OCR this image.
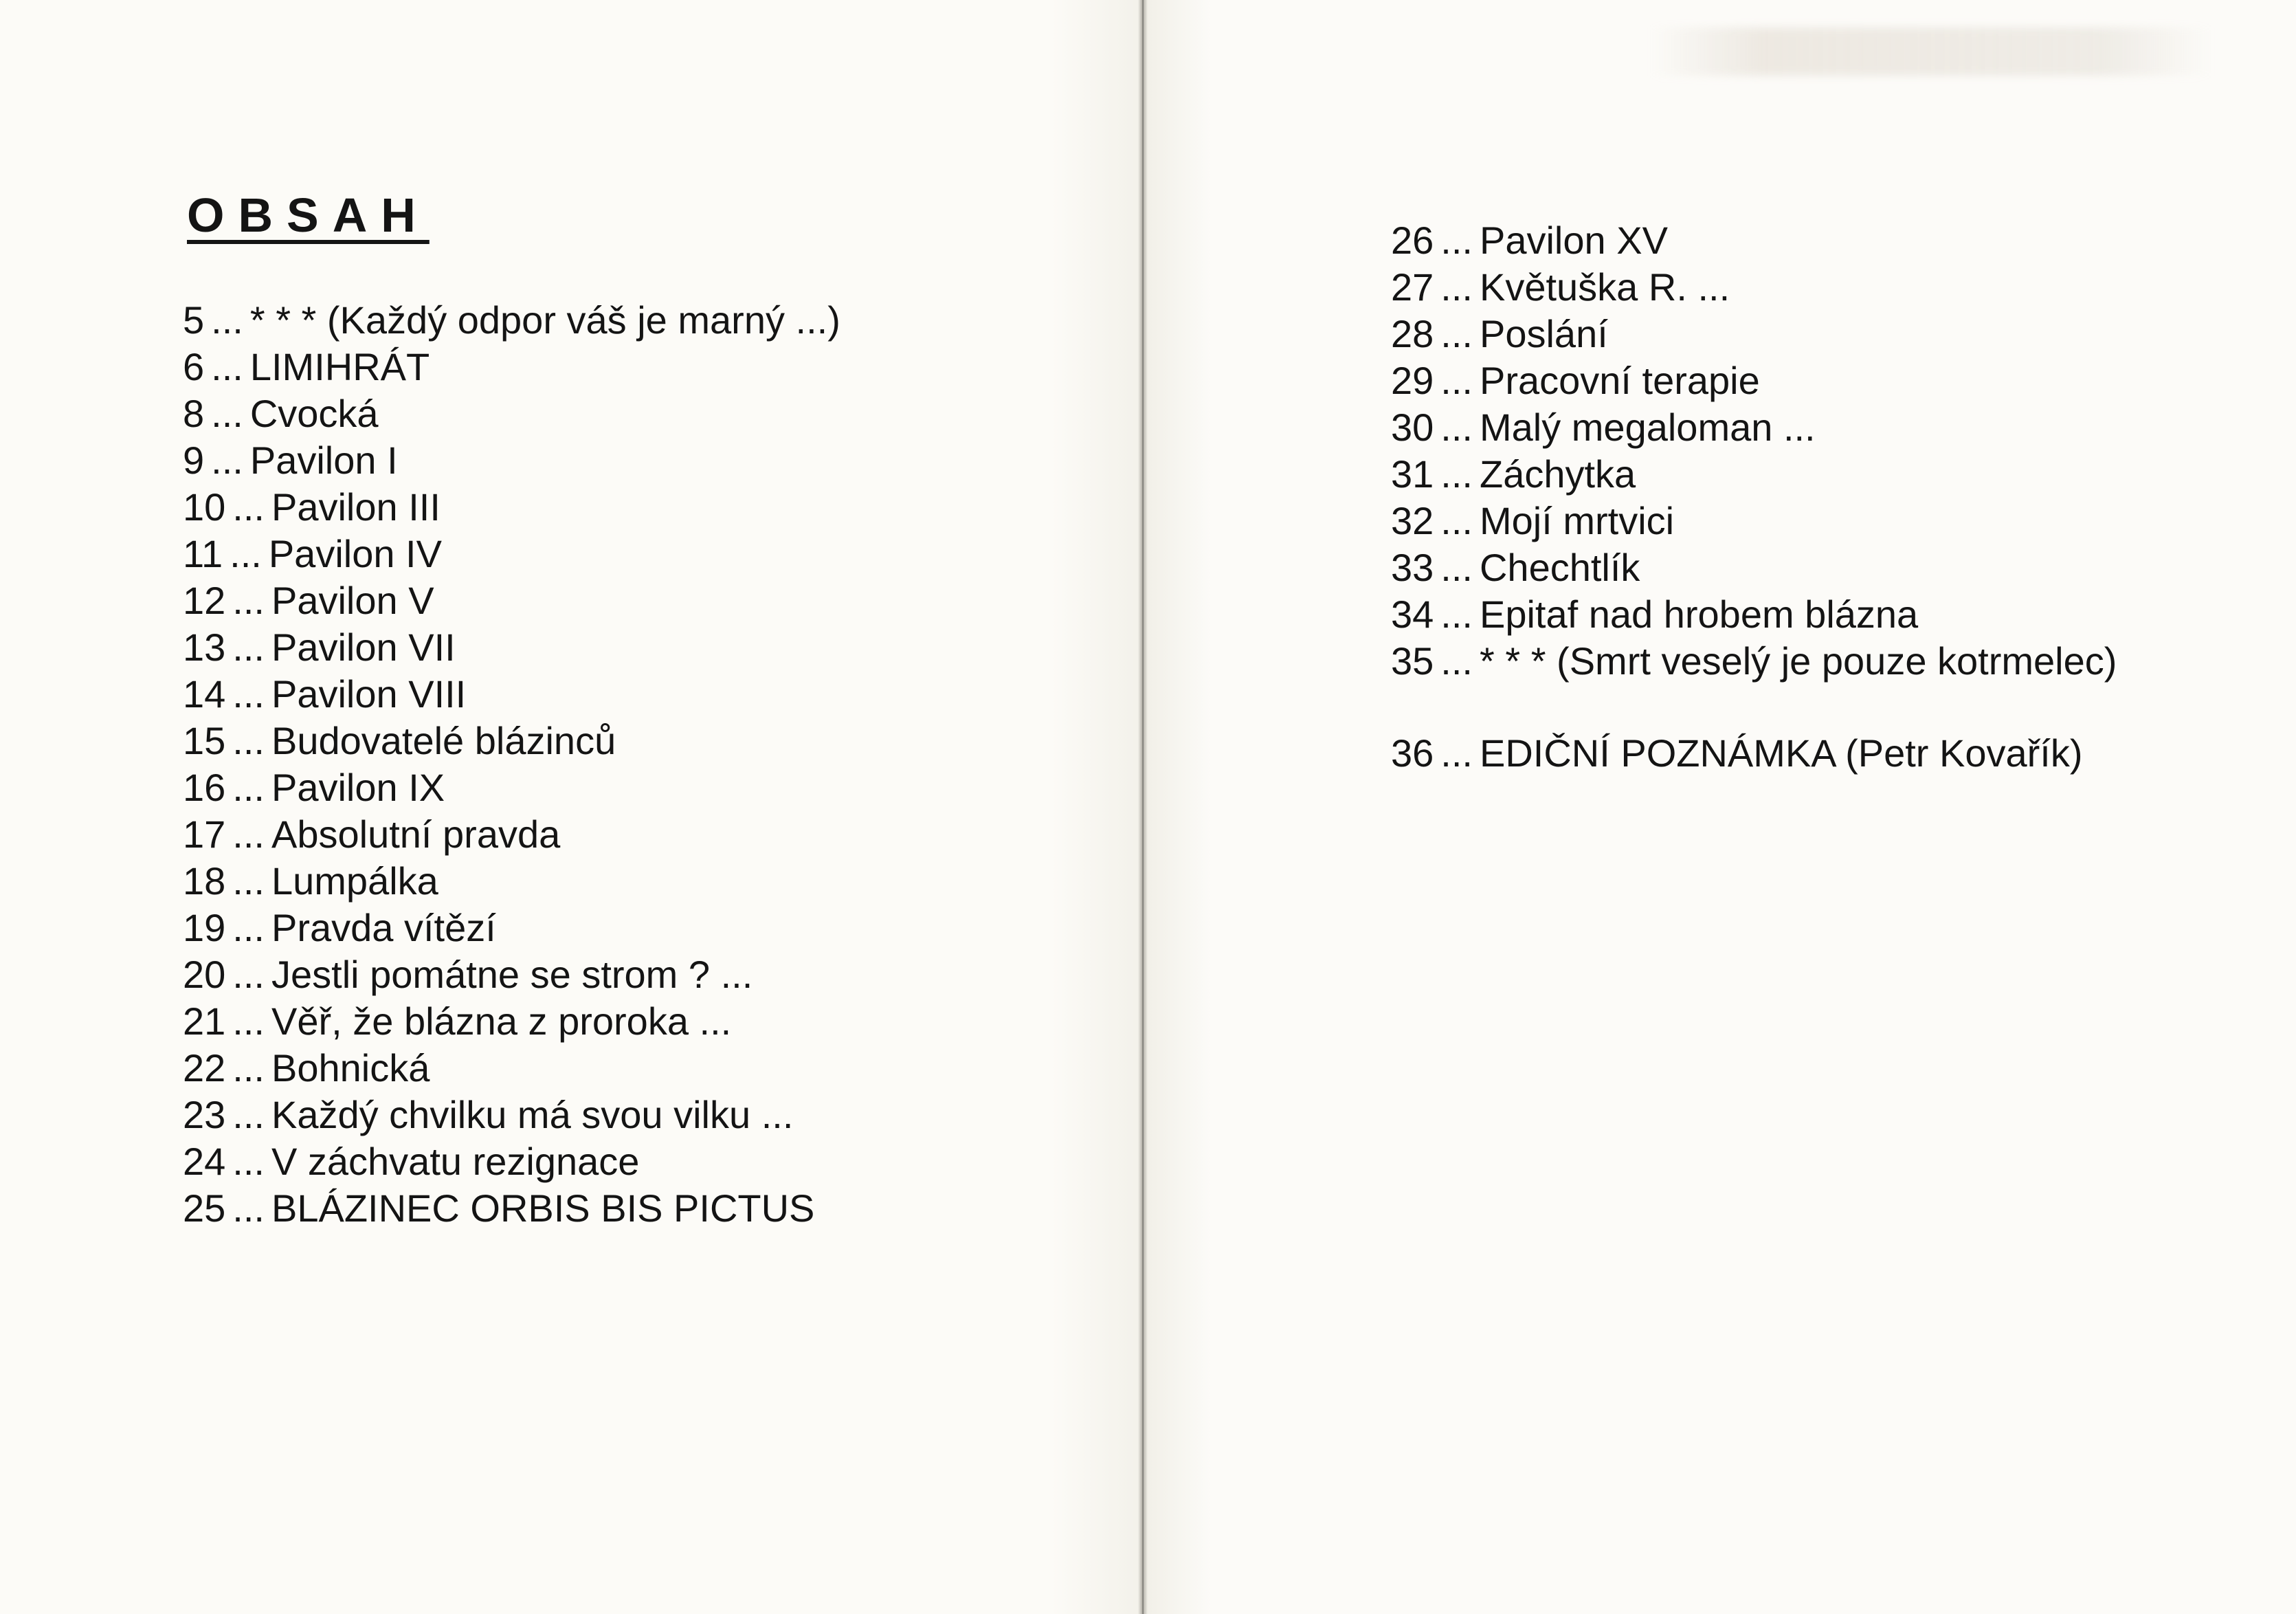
OBSAH
5 ... * * * (Každý odpor váš je marný ...)
6 ... LIMIHRÁT
8 ... Cvocká
9 ... Pavilon I
10 ... Pavilon III
11 ... Pavilon IV
12 ... Pavilon V
13 ... Pavilon VII
14 ... Pavilon VIII
15 ... Budovatelé blázinců
16 ... Pavilon IX
17 ... Absolutní pravda
18 ... Lumpálka
19 ... Pravda vítězí
20 ... Jestli pomátne se strom ? ...
21 ... Věř, že blázna z proroka ...
22 ... Bohnická
23 ... Každý chvilku má svou vilku ...
24 ... V záchvatu rezignace
25 ... BLÁZINEC ORBIS BIS PICTUS
26 ... Pavilon XV
27 ... Květuška R. ...
28 ... Poslání
29 ... Pracovní terapie
30 ... Malý megaloman ...
31 ... Záchytka
32 ... Mojí mrtvici
33 ... Chechtlík
34 ... Epitaf nad hrobem blázna
35 ... * * * (Smrt veselý je pouze kotrmelec)
36 ... EDIČNÍ POZNÁMKA (Petr Kovařík)
